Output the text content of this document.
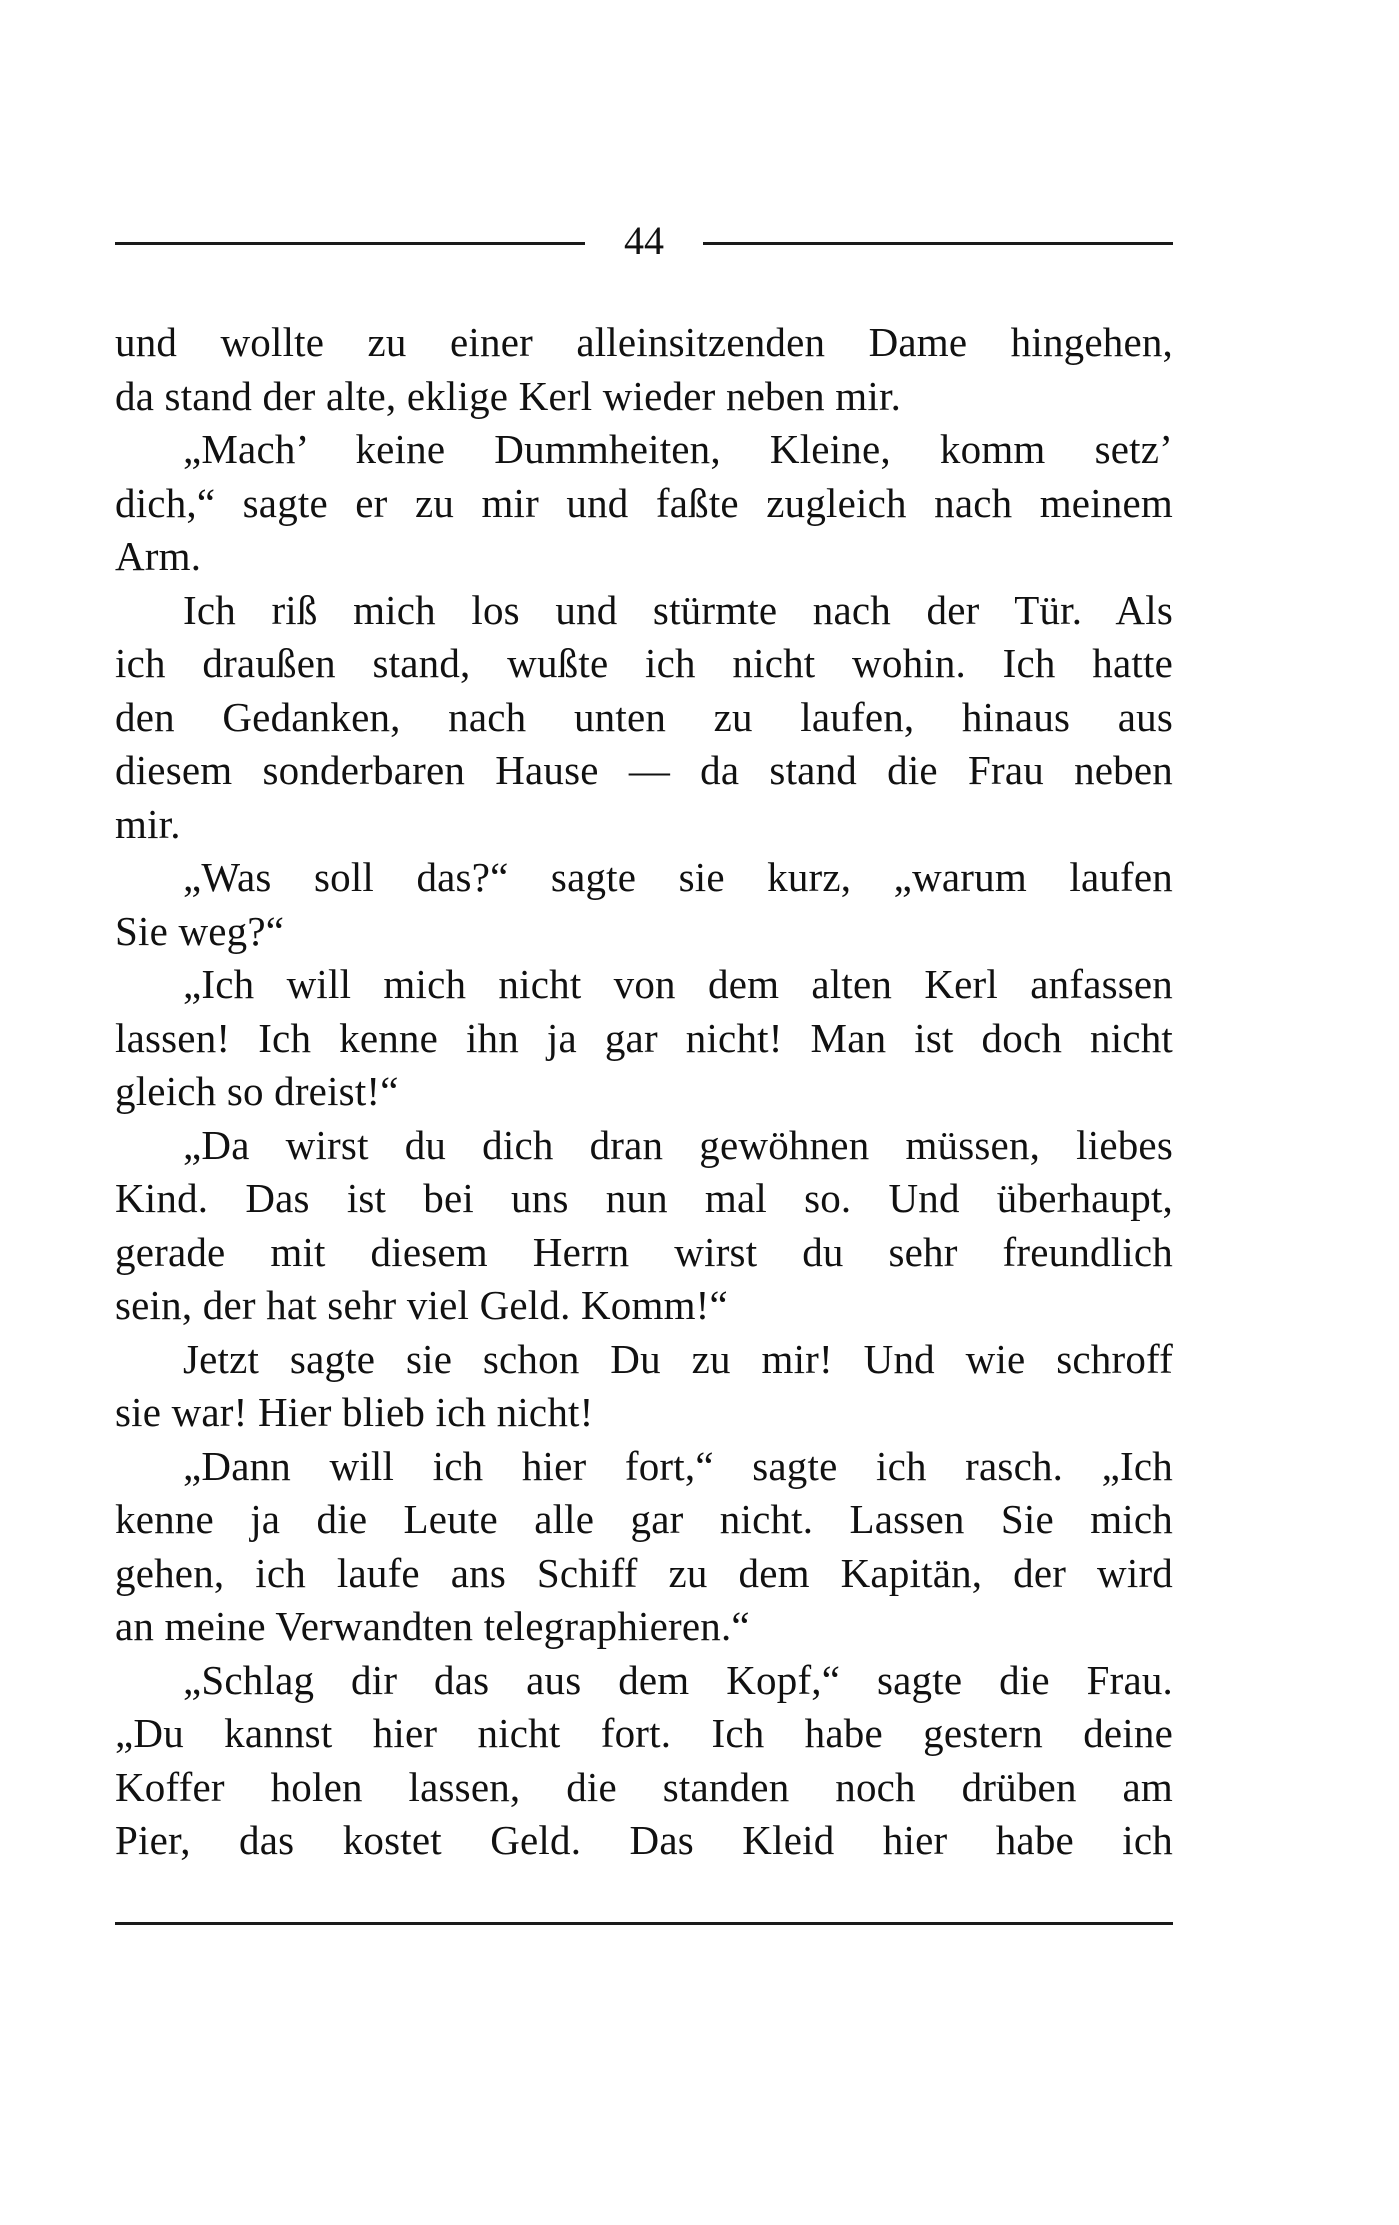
44
und wollte zu einer alleinsitzenden Dame hingehen,
da stand der alte, eklige Kerl wieder neben mir.
„Mach’ keine Dummheiten, Kleine, komm setz’
dich,“ sagte er zu mir und faßte zugleich nach meinem
Arm.
Ich riß mich los und stürmte nach der Tür. Als
ich draußen stand, wußte ich nicht wohin. Ich hatte
den Gedanken, nach unten zu laufen, hinaus aus
diesem sonderbaren Hause — da stand die Frau neben
mir.
„Was soll das?“ sagte sie kurz, „warum laufen
Sie weg?“
„Ich will mich nicht von dem alten Kerl anfassen
lassen! Ich kenne ihn ja gar nicht! Man ist doch nicht
gleich so dreist!“
„Da wirst du dich dran gewöhnen müssen, liebes
Kind. Das ist bei uns nun mal so. Und überhaupt,
gerade mit diesem Herrn wirst du sehr freundlich
sein, der hat sehr viel Geld. Komm!“
Jetzt sagte sie schon Du zu mir! Und wie schroff
sie war! Hier blieb ich nicht!
„Dann will ich hier fort,“ sagte ich rasch. „Ich
kenne ja die Leute alle gar nicht. Lassen Sie mich
gehen, ich laufe ans Schiff zu dem Kapitän, der wird
an meine Verwandten telegraphieren.“
„Schlag dir das aus dem Kopf,“ sagte die Frau.
„Du kannst hier nicht fort. Ich habe gestern deine
Koffer holen lassen, die standen noch drüben am
Pier, das kostet Geld. Das Kleid hier habe ich
